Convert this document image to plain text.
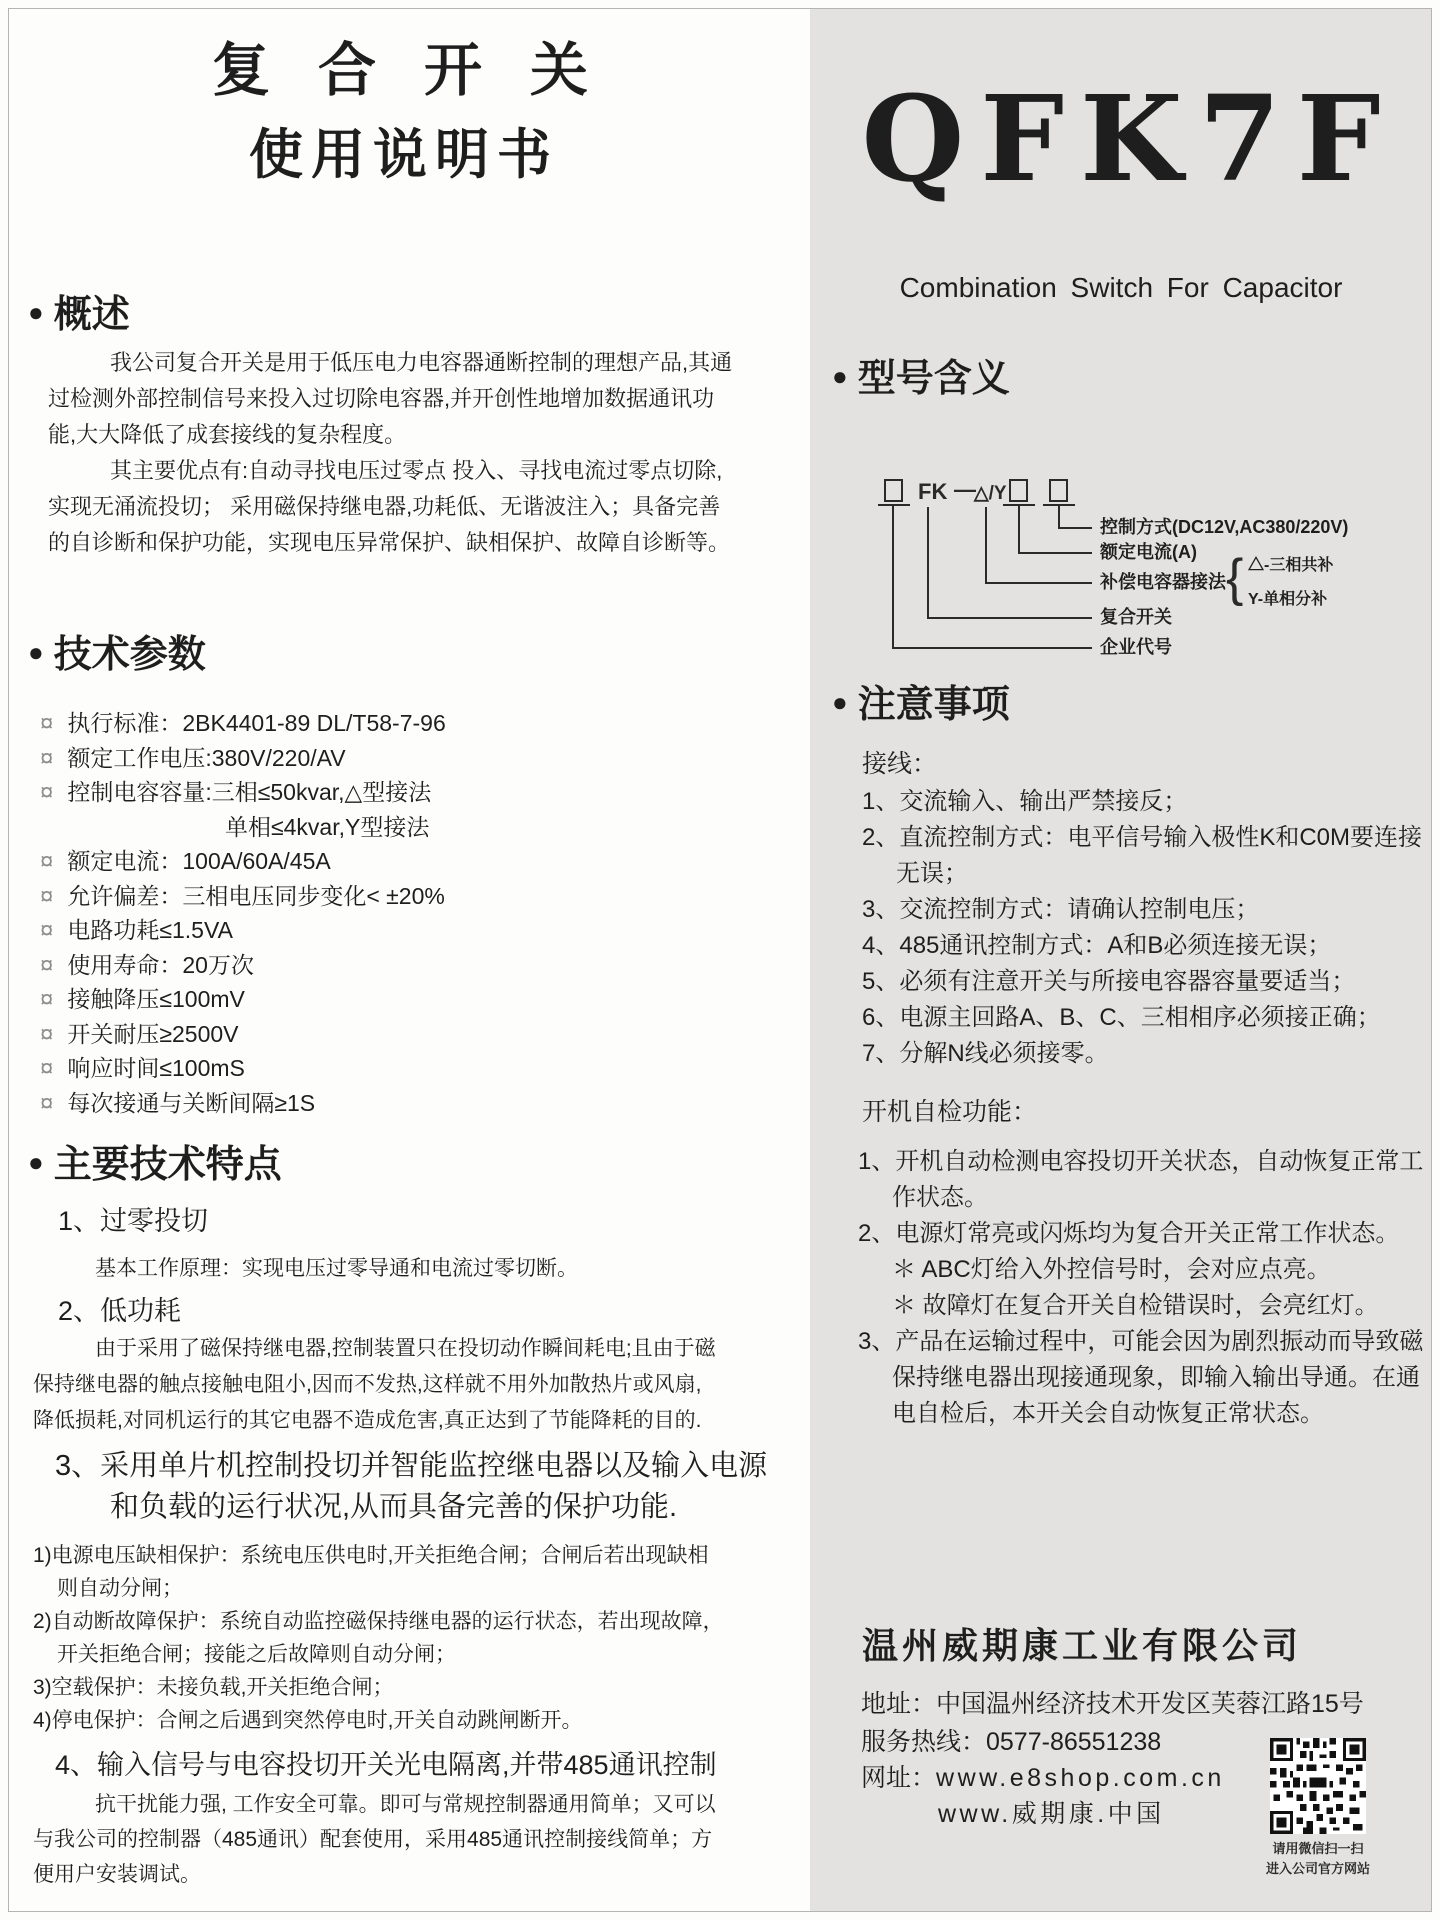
复合开关
使用说明书
● 概述
我公司复合开关是用于低压电力电容器通断控制的理想产品,其通
过检测外部控制信号来投入过切除电容器,并开创性地增加数据通讯功
能,大大降低了成套接线的复杂程度。
其主要优点有:自动寻找电压过零点 投入、寻找电流过零点切除,
实现无涌流投切； 采用磁保持继电器,功耗低、无谐波注入；具备完善
的自诊断和保护功能，实现电压异常保护、缺相保护、故障自诊断等。
● 技术参数
¤ 执行标准：2BK4401-89 DL/T58-7-96
¤ 额定工作电压:380V/220/AV
¤ 控制电容容量:三相≤50kvar,△型接法
单相≤4kvar,Y型接法
¤ 额定电流：100A/60A/45A
¤ 允许偏差：三相电压同步变化< ±20%
¤ 电路功耗≤1.5VA
¤ 使用寿命：20万次
¤ 接触降压≤100mV
¤ 开关耐压≥2500V
¤ 响应时间≤100mS
¤ 每次接通与关断间隔≥1S
● 主要技术特点
1、过零投切
基本工作原理：实现电压过零导通和电流过零切断。
2、低功耗
由于采用了磁保持继电器,控制装置只在投切动作瞬间耗电;且由于磁
保持继电器的触点接触电阻小,因而不发热,这样就不用外加散热片或风扇,
降低损耗,对同机运行的其它电器不造成危害,真正达到了节能降耗的目的.
3、采用单片机控制投切并智能监控继电器以及输入电源
和负载的运行状况,从而具备完善的保护功能.
1)电源电压缺相保护：系统电压供电时,开关拒绝合闸；合闸后若出现缺相
则自动分闸；
2)自动断故障保护：系统自动监控磁保持继电器的运行状态，若出现故障，
开关拒绝合闸；接能之后故障则自动分闸；
3)空载保护：未接负载,开关拒绝合闸；
4)停电保护：合闸之后遇到突然停电时,开关自动跳闸断开。
4、输入信号与电容投切开关光电隔离,并带485通讯控制
抗干扰能力强, 工作安全可靠。即可与常规控制器通用简单；又可以
与我公司的控制器（485通讯）配套使用，采用485通讯控制接线简单；方
便用户安装调试。
QFK7F
Combination Switch For Capacitor
● 型号含义
FK —
△/Y
控制方式(DC12V,AC380/220V)
额定电流(A)
补偿电容器接法 { △-三相共补
Y-单相分补
复合开关
企业代号
● 注意事项
接线：
1、交流输入、输出严禁接反；
2、直流控制方式：电平信号输入极性K和C0M要连接
无误；
3、交流控制方式：请确认控制电压；
4、485通讯控制方式：A和B必须连接无误；
5、必须有注意开关与所接电容器容量要适当；
6、电源主回路A、B、C、三相相序必须接正确；
7、分解N线必须接零。
开机自检功能：
1、开机自动检测电容投切开关状态，自动恢复正常工
作状态。
2、电源灯常亮或闪烁均为复合开关正常工作状态。
＊ ABC灯给入外控信号时，会对应点亮。
＊ 故障灯在复合开关自检错误时，会亮红灯。
3、产品在运输过程中，可能会因为剧烈振动而导致磁
保持继电器出现接通现象，即输入输出导通。在通
电自检后，本开关会自动恢复正常状态。
温州威期康工业有限公司
地址：中国温州经济技术开发区芙蓉江路15号
服务热线：0577-86551238
网址：www.e8shop.com.cn
www.威期康.中国
请用微信扫一扫
进入公司官方网站
